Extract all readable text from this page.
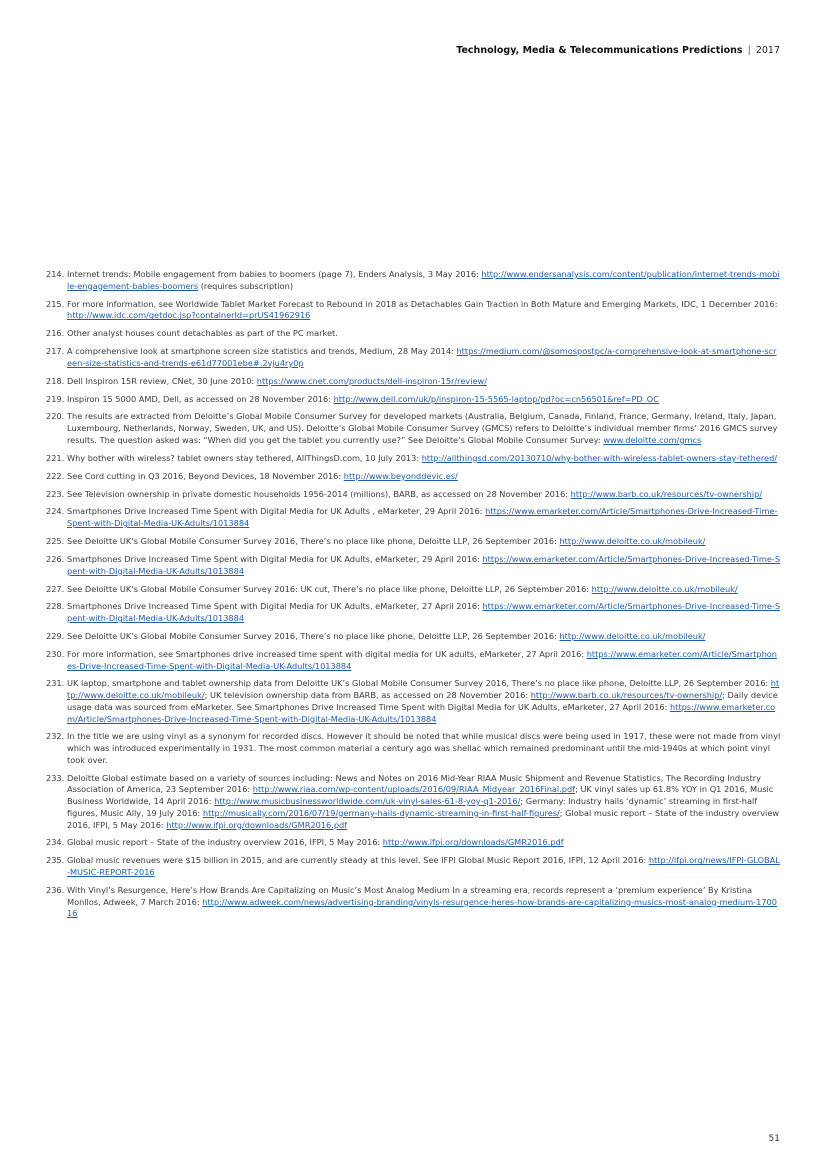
Technology, Media & Telecommunications Predictions | 2017
214. Internet trends: Mobile engagement from babies to boomers (page 7), Enders Analysis, 3 May 2016: http://www.endersanalysis.com/content/publication/internet-trends-mobile-engagement-babies-boomers (requires subscription)
215. For more information, see Worldwide Tablet Market Forecast to Rebound in 2018 as Detachables Gain Traction in Both Mature and Emerging Markets, IDC, 1 December 2016: http://www.idc.com/getdoc.jsp?containerId=prUS41962916
216. Other analyst houses count detachables as part of the PC market.
217. A comprehensive look at smartphone screen size statistics and trends, Medium, 28 May 2014: https://medium.com/@somospostpc/a-comprehensive-look-at-smartphone-screen-size-statistics-and-trends-e61d77001ebe#.2vju4ry0p
218. Dell Inspiron 15R review, CNet, 30 June 2010: https://www.cnet.com/products/dell-inspiron-15r/review/
219. Inspiron 15 5000 AMD, Dell, as accessed on 28 November 2016: http://www.dell.com/uk/p/inspiron-15-5565-laptop/pd?oc=cn56501&ref=PD_OC
220. The results are extracted from Deloitte’s Global Mobile Consumer Survey for developed markets (Australia, Belgium, Canada, Finland, France, Germany, Ireland, Italy, Japan, Luxembourg, Netherlands, Norway, Sweden, UK, and US). Deloitte’s Global Mobile Consumer Survey (GMCS) refers to Deloitte’s individual member firms’ 2016 GMCS survey results. The question asked was: “When did you get the tablet you currently use?” See Deloitte’s Global Mobile Consumer Survey: www.deloitte.com/gmcs
221. Why bother with wireless? tablet owners stay tethered, AllThingsD.com, 10 July 2013: http://allthingsd.com/20130710/why-bother-with-wireless-tablet-owners-stay-tethered/
222. See Cord cutting in Q3 2016, Beyond Devices, 18 November 2016: http://www.beyonddevic.es/
223. See Television ownership in private domestic households 1956-2014 (millions), BARB, as accessed on 28 November 2016: http://www.barb.co.uk/resources/tv-ownership/
224. Smartphones Drive Increased Time Spent with Digital Media for UK Adults , eMarketer, 29 April 2016: https://www.emarketer.com/Article/Smartphones-Drive-Increased-Time-Spent-with-Digital-Media-UK-Adults/1013884
225. See Deloitte UK’s Global Mobile Consumer Survey 2016, There’s no place like phone, Deloitte LLP, 26 September 2016: http://www.deloitte.co.uk/mobileuk/
226. Smartphones Drive Increased Time Spent with Digital Media for UK Adults, eMarketer, 29 April 2016: https://www.emarketer.com/Article/Smartphones-Drive-Increased-Time-Spent-with-Digital-Media-UK-Adults/1013884
227. See Deloitte UK’s Global Mobile Consumer Survey 2016: UK cut, There’s no place like phone, Deloitte LLP, 26 September 2016: http://www.deloitte.co.uk/mobileuk/
228. Smartphones Drive Increased Time Spent with Digital Media for UK Adults, eMarketer, 27 April 2016: https://www.emarketer.com/Article/Smartphones-Drive-Increased-Time-Spent-with-Digital-Media-UK-Adults/1013884
229. See Deloitte UK’s Global Mobile Consumer Survey 2016, There’s no place like phone, Deloitte LLP, 26 September 2016: http://www.deloitte.co.uk/mobileuk/
230. For more information, see Smartphones drive increased time spent with digital media for UK adults, eMarketer, 27 April 2016: https://www.emarketer.com/Article/Smartphones-Drive-Increased-Time-Spent-with-Digital-Media-UK-Adults/1013884
231. UK laptop, smartphone and tablet ownership data from Deloitte UK’s Global Mobile Consumer Survey 2016, There’s no place like phone, Deloitte LLP, 26 September 2016: http://www.deloitte.co.uk/mobileuk/; UK television ownership data from BARB, as accessed on 28 November 2016: http://www.barb.co.uk/resources/tv-ownership/; Daily device usage data was sourced from eMarketer. See Smartphones Drive Increased Time Spent with Digital Media for UK Adults, eMarketer, 27 April 2016: https://www.emarketer.com/Article/Smartphones-Drive-Increased-Time-Spent-with-Digital-Media-UK-Adults/1013884
232. In the title we are using vinyl as a synonym for recorded discs. However it should be noted that while musical discs were being used in 1917, these were not made from vinyl which was introduced experimentally in 1931. The most common material a century ago was shellac which remained predominant until the mid-1940s at which point vinyl took over.
233. Deloitte Global estimate based on a variety of sources including: News and Notes on 2016 Mid-Year RIAA Music Shipment and Revenue Statistics, The Recording Industry Association of America, 23 September 2016: http://www.riaa.com/wp-content/uploads/2016/09/RIAA_Midyear_2016Final.pdf; UK vinyl sales up 61.8% YOY in Q1 2016, Music Business Worldwide, 14 April 2016: http://www.musicbusinessworldwide.com/uk-vinyl-sales-61-8-yoy-q1-2016/; Germany: Industry hails ‘dynamic’ streaming in first-half figures, Music Ally, 19 July 2016: http://musically.com/2016/07/19/germany-hails-dynamic-streaming-in-first-half-figures/; Global music report – State of the industry overview 2016, IFPI, 5 May 2016: http://www.ifpi.org/downloads/GMR2016.pdf
234. Global music report – State of the industry overview 2016, IFPI, 5 May 2016: http://www.ifpi.org/downloads/GMR2016.pdf
235. Global music revenues were $15 billion in 2015, and are currently steady at this level. See IFPI Global Music Report 2016, IFPI, 12 April 2016: http://ifpi.org/news/IFPI-GLOBAL-MUSIC-REPORT-2016
236. With Vinyl’s Resurgence, Here’s How Brands Are Capitalizing on Music’s Most Analog Medium In a streaming era, records represent a ‘premium experience’ By Kristina Monllos, Adweek, 7 March 2016: http://www.adweek.com/news/advertising-branding/vinyls-resurgence-heres-how-brands-are-capitalizing-musics-most-analog-medium-170016
51
